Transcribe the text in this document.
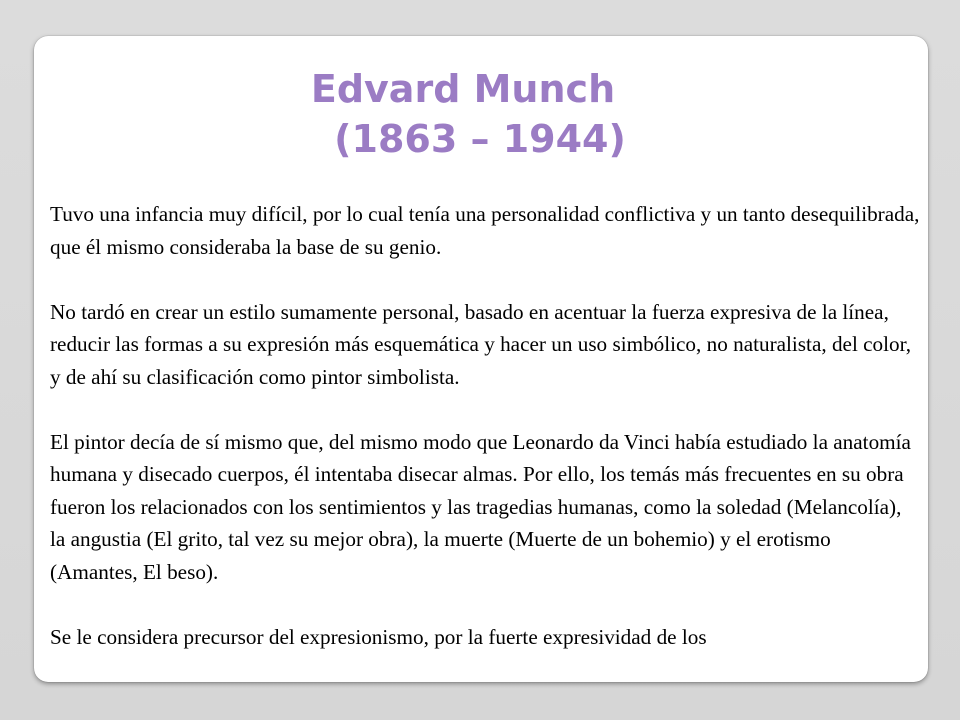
Edvard Munch
(1863 – 1944)

Tuvo una infancia muy difícil, por lo cual tenía una personalidad conflictiva y un tanto desequilibrada, que él mismo consideraba la base de su genio.

No tardó en crear un estilo sumamente personal, basado en acentuar la fuerza expresiva de la línea, reducir las formas a su expresión más esquemática y hacer un uso simbólico, no naturalista, del color, y de ahí su clasificación como pintor simbolista.

El pintor decía de sí mismo que, del mismo modo que Leonardo da Vinci había estudiado la anatomía humana y disecado cuerpos, él intentaba disecar almas. Por ello, los temás más frecuentes en su obra fueron los relacionados con los sentimientos y las tragedias humanas, como la soledad (Melancolía), la angustia (El grito, tal vez su mejor obra), la muerte (Muerte de un bohemio) y el erotismo (Amantes, El beso).

Se le considera precursor del expresionismo, por la fuerte expresividad de los
